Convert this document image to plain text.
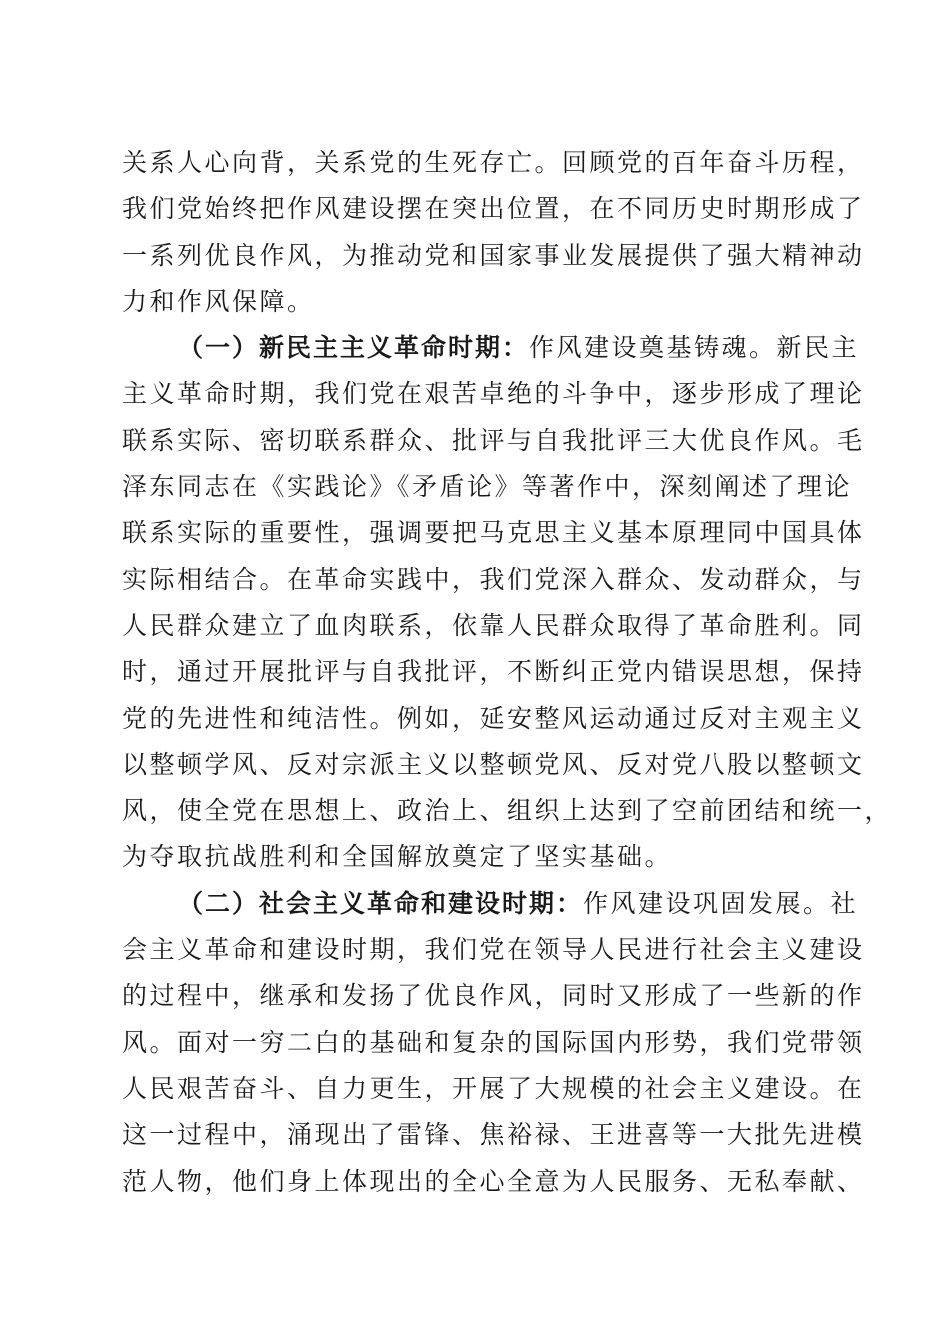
关系人心向背，关系党的生死存亡。回顾党的百年奋斗历程，
我们党始终把作风建设摆在突出位置，在不同历史时期形成了
一系列优良作风，为推动党和国家事业发展提供了强大精神动
力和作风保障。
（一）新民主主义革命时期：作风建设奠基铸魂。新民主
主义革命时期，我们党在艰苦卓绝的斗争中，逐步形成了理论
联系实际、密切联系群众、批评与自我批评三大优良作风。毛
泽东同志在《实践论》《矛盾论》等著作中，深刻阐述了理论
联系实际的重要性，强调要把马克思主义基本原理同中国具体
实际相结合。在革命实践中，我们党深入群众、发动群众，与
人民群众建立了血肉联系，依靠人民群众取得了革命胜利。同
时，通过开展批评与自我批评，不断纠正党内错误思想，保持
党的先进性和纯洁性。例如，延安整风运动通过反对主观主义
以整顿学风、反对宗派主义以整顿党风、反对党八股以整顿文
风，使全党在思想上、政治上、组织上达到了空前团结和统一，
为夺取抗战胜利和全国解放奠定了坚实基础。
（二）社会主义革命和建设时期：作风建设巩固发展。社
会主义革命和建设时期，我们党在领导人民进行社会主义建设
的过程中，继承和发扬了优良作风，同时又形成了一些新的作
风。面对一穷二白的基础和复杂的国际国内形势，我们党带领
人民艰苦奋斗、自力更生，开展了大规模的社会主义建设。在
这一过程中，涌现出了雷锋、焦裕禄、王进喜等一大批先进模
范人物，他们身上体现出的全心全意为人民服务、无私奉献、
